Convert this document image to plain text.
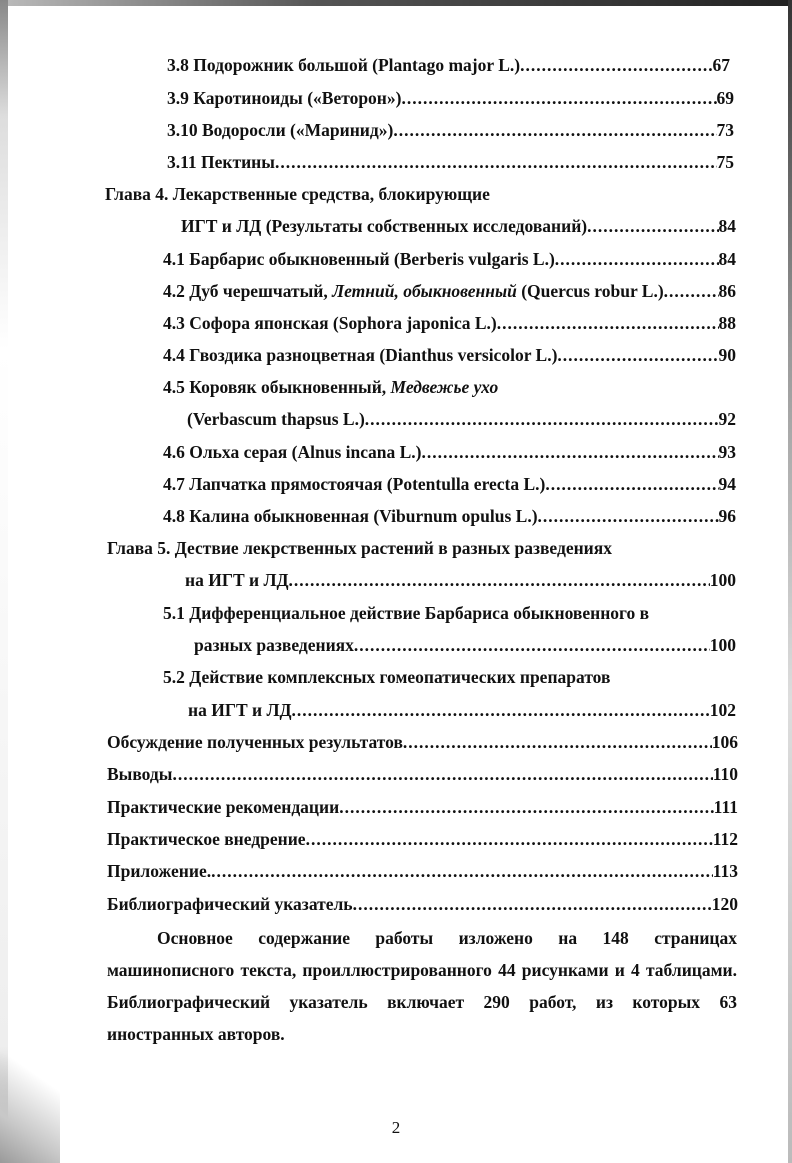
3.8 Подорожник большой (Plantago major L.) .....	67
3.9 Каротиноиды («Веторон») .....	69
3.10 Водоросли («Маринид») .....	73
3.11 Пектины .....	75
Глава 4. Лекарственные средства, блокирующие
ИГТ и ЛД (Результаты собственных исследований) .....	84
4.1 Барбарис обыкновенный (Berberis vulgaris L.) .....	84
4.2 Дуб черешчатый, Летний, обыкновенный (Quercus robur L.) .....	86
4.3 Софора японская (Sophora japonica L.) .....	88
4.4 Гвоздика разноцветная (Dianthus versicolor L.) .....	90
4.5 Коровяк обыкновенный, Медвежье ухо
(Verbascum thapsus L.) .....	92
4.6 Ольха серая (Alnus incana L.) .....	93
4.7 Лапчатка прямостоячая (Potentulla erecta L.) .....	94
4.8 Калина обыкновенная (Viburnum opulus L.) .....	96
Глава 5. Дествие лекрственных растений в разных разведениях
на ИГТ и ЛД .....	100
5.1 Дифференциальное действие Барбариса обыкновенного в
разных разведениях .....	100
5.2 Действие комплексных гомеопатических препаратов
на ИГТ и ЛД .....	102
Обсуждение полученных результатов .....	106
Выводы .....	110
Практические рекомендации .....	111
Практическое внедрение .....	112
Приложение. .....	113
Библиографический указатель .....	120
Основное содержание работы изложено на 148 страницах машинописного текста, проиллюстрированного 44 рисунками и 4 таблицами. Библиографический указатель включает 290 работ, из которых 63 иностранных авторов.
2
